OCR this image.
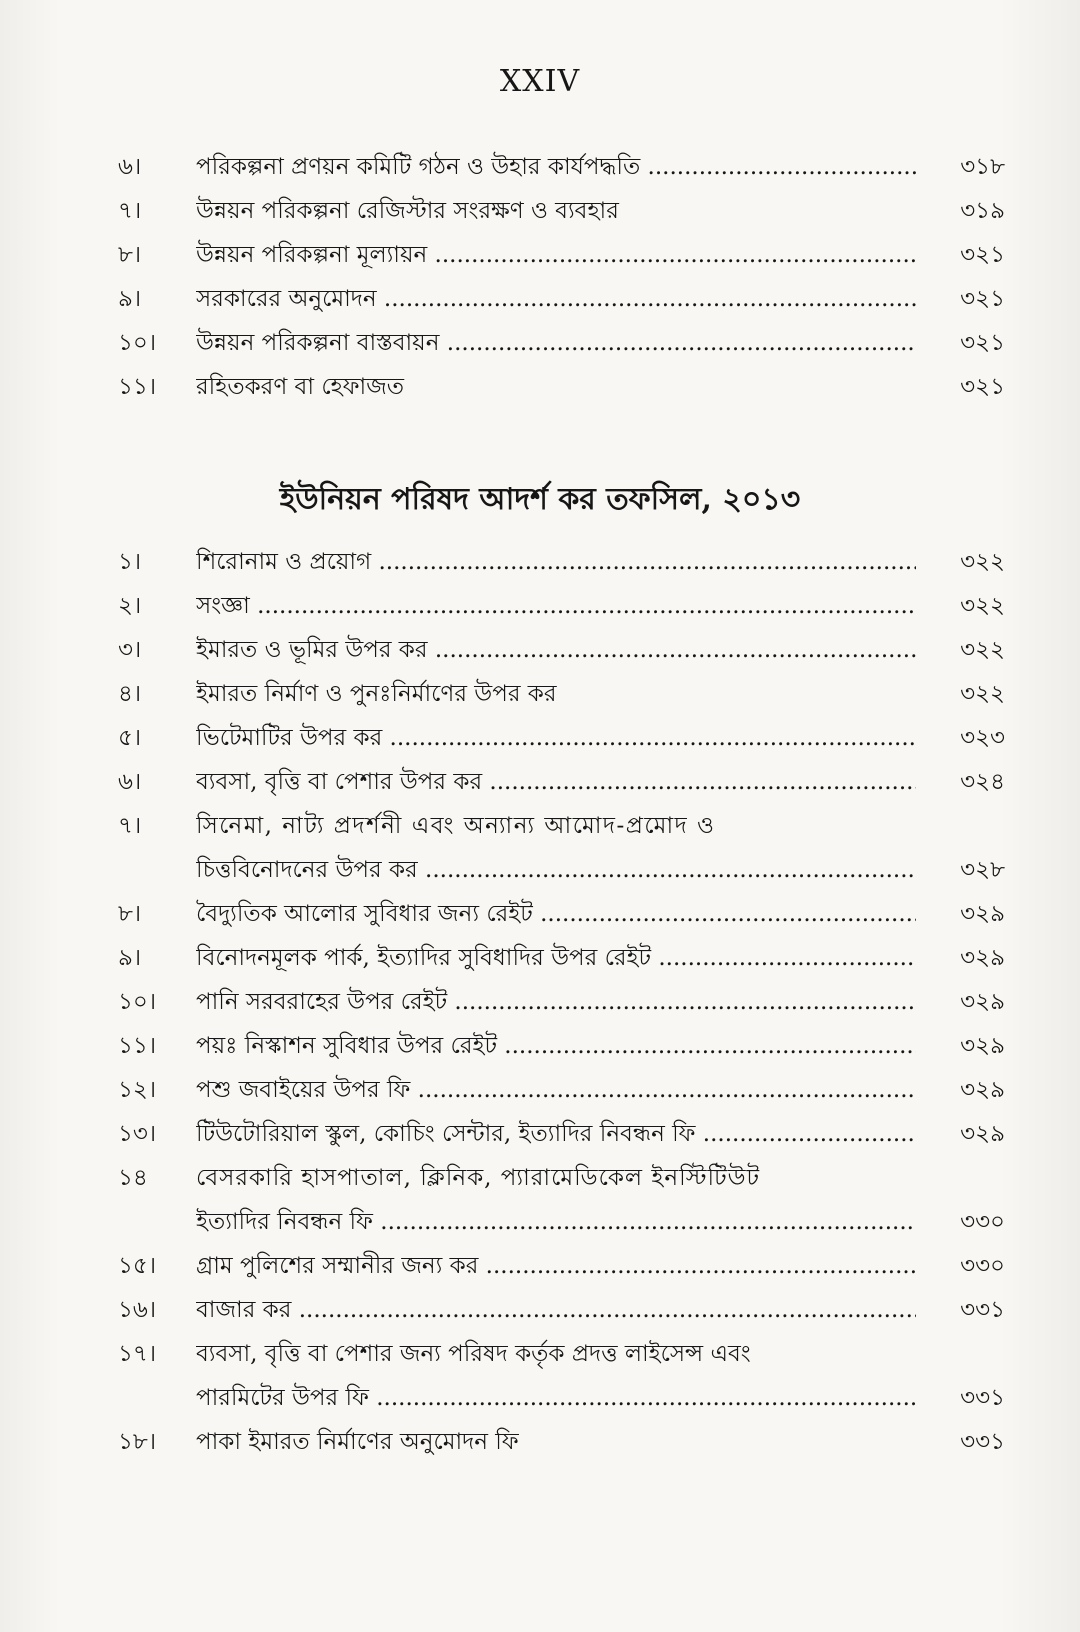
XXIV
৬। পরিকল্পনা প্রণয়ন কমিটি গঠন ও উহার কার্যপদ্ধতি .....	৩১৮
৭। উন্নয়ন পরিকল্পনা রেজিস্টার সংরক্ষণ ও ব্যবহার	৩১৯
৮। উন্নয়ন পরিকল্পনা মূল্যায়ন .....	৩২১
৯। সরকারের অনুমোদন .....	৩২১
১০। উন্নয়ন পরিকল্পনা বাস্তবায়ন .....	৩২১
১১। রহিতকরণ বা হেফাজত	৩২১
ইউনিয়ন পরিষদ আদর্শ কর তফসিল, ২০১৩
১। শিরোনাম ও প্রয়োগ .....	৩২২
২। সংজ্ঞা .....	৩২২
৩। ইমারত ও ভূমির উপর কর .....	৩২২
৪। ইমারত নির্মাণ ও পুনঃনির্মাণের উপর কর	৩২২
৫। ভিটেমাটির উপর কর .....	৩২৩
৬। ব্যবসা, বৃত্তি বা পেশার উপর কর .....	৩২৪
৭। সিনেমা, নাট্য প্রদর্শনী এবং অন্যান্য আমোদ-প্রমোদ ও
চিত্তবিনোদনের উপর কর .....	৩২৮
৮। বৈদ্যুতিক আলোর সুবিধার জন্য রেইট .....	৩২৯
৯। বিনোদনমূলক পার্ক, ইত্যাদির সুবিধাদির উপর রেইট .....	৩২৯
১০। পানি সরবরাহের উপর রেইট .....	৩২৯
১১। পয়ঃ নিস্কাশন সুবিধার উপর রেইট .....	৩২৯
১২। পশু জবাইয়ের উপর ফি .....	৩২৯
১৩। টিউটোরিয়াল স্কুল, কোচিং সেন্টার, ইত্যাদির নিবন্ধন ফি .....	৩২৯
১৪ বেসরকারি হাসপাতাল, ক্লিনিক, প্যারামেডিকেল ইনস্টিটিউট
ইত্যাদির নিবন্ধন ফি .....	৩৩০
১৫। গ্রাম পুলিশের সম্মানীর জন্য কর .....	৩৩০
১৬। বাজার কর .....	৩৩১
১৭। ব্যবসা, বৃত্তি বা পেশার জন্য পরিষদ কর্তৃক প্রদত্ত লাইসেন্স এবং
পারমিটের উপর ফি .....	৩৩১
১৮। পাকা ইমারত নির্মাণের অনুমোদন ফি	৩৩১
